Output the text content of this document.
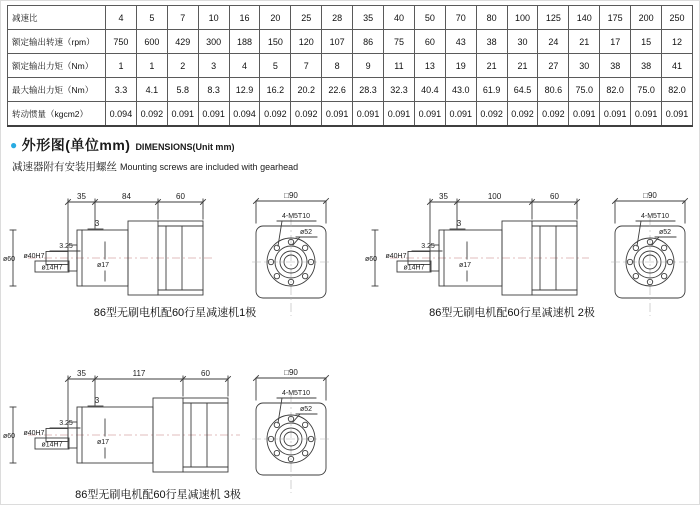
减速比	4	5	7	10	16	20	25	28	35	40	50	70	80	100	125	140	175	200	250
额定输出转速（rpm）	750	600	429	300	188	150	120	107	86	75	60	43	38	30	24	21	17	15	12
额定输出力矩（Nm）	1	1	2	3	4	5	7	8	9	11	13	19	21	21	27	30	38	38	41
最大输出力矩（Nm）	3.3	4.1	5.8	8.3	12.9	16.2	20.2	22.6	28.3	32.3	40.4	43.0	61.9	64.5	80.6	75.0	82.0	75.0	82.0
转动惯量（kgcm2）	0.094	0.092	0.091	0.091	0.094	0.092	0.092	0.091	0.091	0.091	0.091	0.091	0.092	0.092	0.092	0.091	0.091	0.091	0.091
● 外形图(单位mm) DIMENSIONS(Unit mm)
减速器附有安装用螺丝 Mounting screws are included with gearhead
35	84	60
ø60
3
3.25
ø40H7
ø14H7	ø17
□90
4-M5T10
ø52
35	100	60
ø60
3
3.25
ø40H7
ø14H7	ø17
□90
4-M5T10
ø52
35	117	60
ø60
3
3.25
ø40H7
ø14H7	ø17
□90
4-M5T10
ø52
86型无刷电机配60行星减速机1极	86型无刷电机配60行星减速机 2极
86型无刷电机配60行星减速机 3极
